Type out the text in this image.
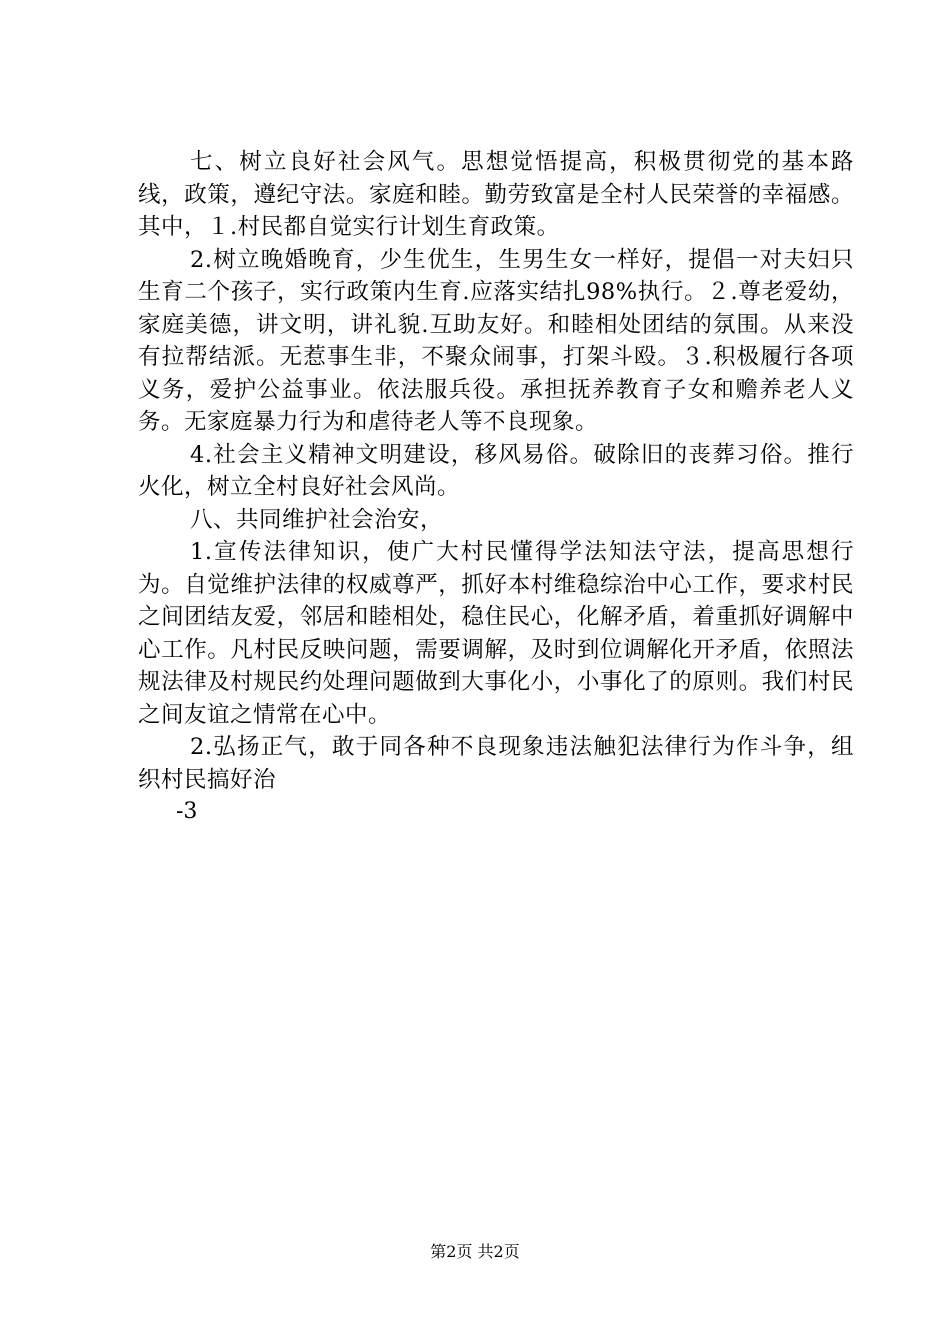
七、树立良好社会风气。思想觉悟提高，积极贯彻党的基本路线，政策，遵纪守法。家庭和睦。勤劳致富是全村人民荣誉的幸福感。其中，１.村民都自觉实行计划生育政策。

2.树立晚婚晚育，少生优生，生男生女一样好，提倡一对夫妇只生育二个孩子，实行政策内生育.应落实结扎98%执行。２.尊老爱幼，家庭美德，讲文明，讲礼貌.互助友好。和睦相处团结的氛围。从来没有拉帮结派。无惹事生非，不聚众闹事，打架斗殴。３.积极履行各项义务，爱护公益事业。依法服兵役。承担抚养教育子女和赡养老人义务。无家庭暴力行为和虐待老人等不良现象。

4.社会主义精神文明建设，移风易俗。破除旧的丧葬习俗。推行火化，树立全村良好社会风尚。

八、共同维护社会治安，

1.宣传法律知识，使广大村民懂得学法知法守法，提高思想行为。自觉维护法律的权威尊严，抓好本村维稳综治中心工作，要求村民之间团结友爱，邻居和睦相处，稳住民心，化解矛盾，着重抓好调解中心工作。凡村民反映问题，需要调解，及时到位调解化开矛盾，依照法规法律及村规民约处理问题做到大事化小，小事化了的原则。我们村民之间友谊之情常在心中。

2.弘扬正气，敢于同各种不良现象违法触犯法律行为作斗争，组织村民搞好治

-3

第2页 共2页
